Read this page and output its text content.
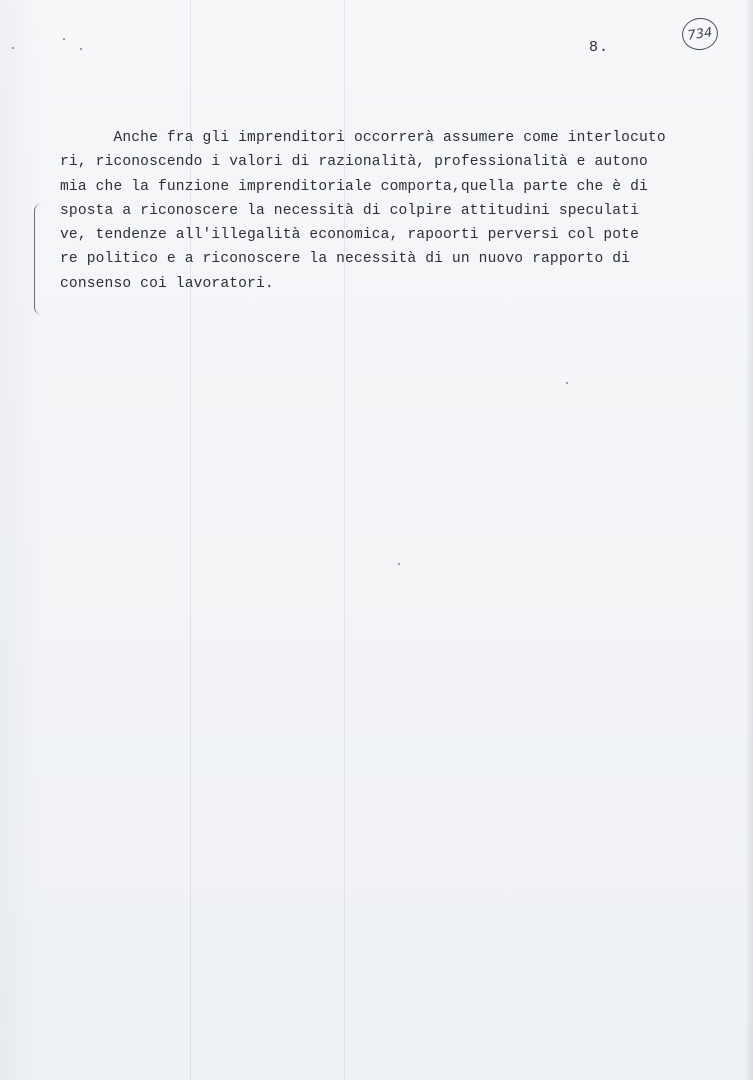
8.
734
Anche fra gli imprenditori occorrerà assumere come interlocuto
ri, riconoscendo i valori di razionalità, professionalità e autono
mia che la funzione imprenditoriale comporta,quella parte che è di
sposta a riconoscere la necessità di colpire attitudini speculati
ve, tendenze all'illegalità economica, rapoorti perversi col pote
re politico e a riconoscere la necessità di un nuovo rapporto di
consenso coi lavoratori.
